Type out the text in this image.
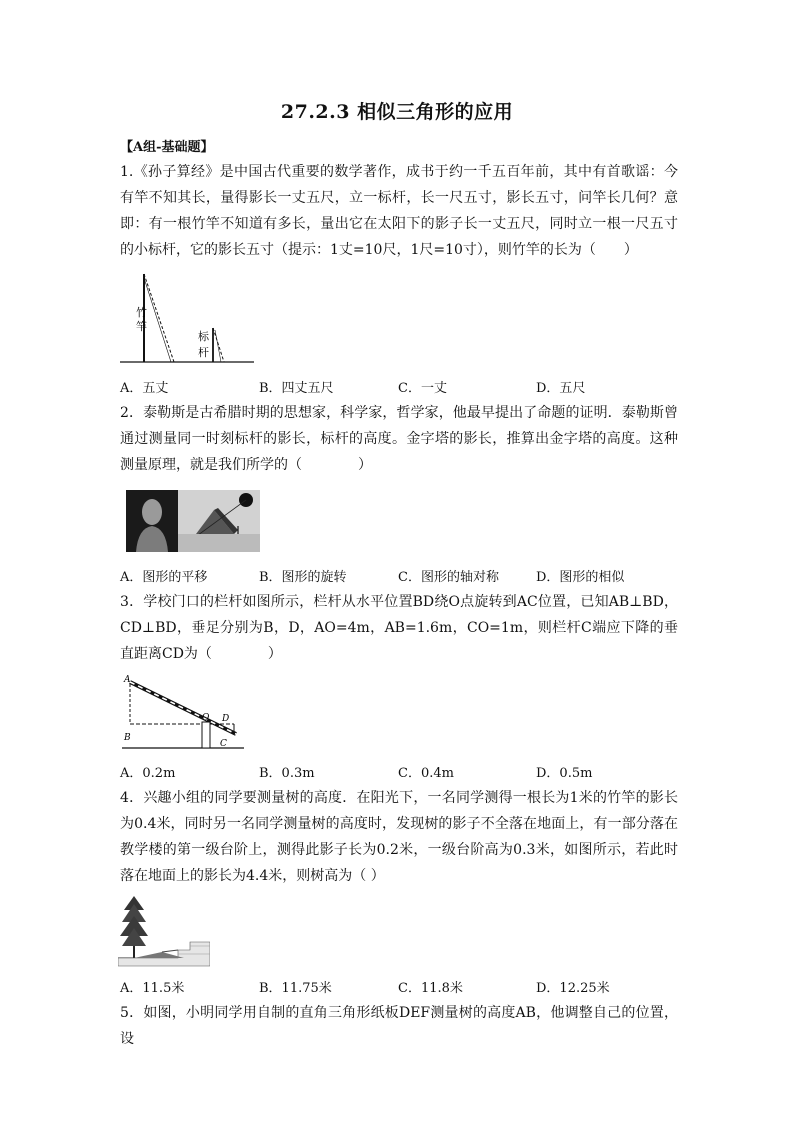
27.2.3 相似三角形的应用
【A组-基础题】
1.《孙子算经》是中国古代重要的数学著作，成书于约一千五百年前，其中有首歌谣：今有竿不知其长，量得影长一丈五尺，立一标杆，长一尺五寸，影长五寸，问竿长几何？意即：有一根竹竿不知道有多长，量出它在太阳下的影子长一丈五尺，同时立一根一尺五寸的小标杆，它的影长五寸（提示：1丈=10尺，1尺=10寸），则竹竿的长为（　　）
竹
竿
标
杆
A．五丈	B．四丈五尺	C．一丈	D．五尺
2．泰勒斯是古希腊时期的思想家，科学家，哲学家，他最早提出了命题的证明．泰勒斯曾通过测量同一时刻标杆的影长，标杆的高度。金字塔的影长，推算出金字塔的高度。这种测量原理，就是我们所学的（　　　　）
A．图形的平移	B．图形的旋转	C．图形的轴对称	D．图形的相似
3．学校门口的栏杆如图所示，栏杆从水平位置BD绕O点旋转到AC位置，已知AB⊥BD，CD⊥BD，垂足分别为B，D，AO=4m，AB=1.6m，CO=1m，则栏杆C端应下降的垂直距离CD为（　　　　）
A
B
O D
C
A．0.2m	B．0.3m	C．0.4m	D．0.5m
4．兴趣小组的同学要测量树的高度．在阳光下，一名同学测得一根长为1米的竹竿的影长为0.4米，同时另一名同学测量树的高度时，发现树的影子不全落在地面上，有一部分落在教学楼的第一级台阶上，测得此影子长为0.2米，一级台阶高为0.3米，如图所示，若此时落在地面上的影长为4.4米，则树高为（ ）
A．11.5米	B．11.75米	C．11.8米	D．12.25米
5．如图，小明同学用自制的直角三角形纸板DEF测量树的高度AB，他调整自己的位置，设
